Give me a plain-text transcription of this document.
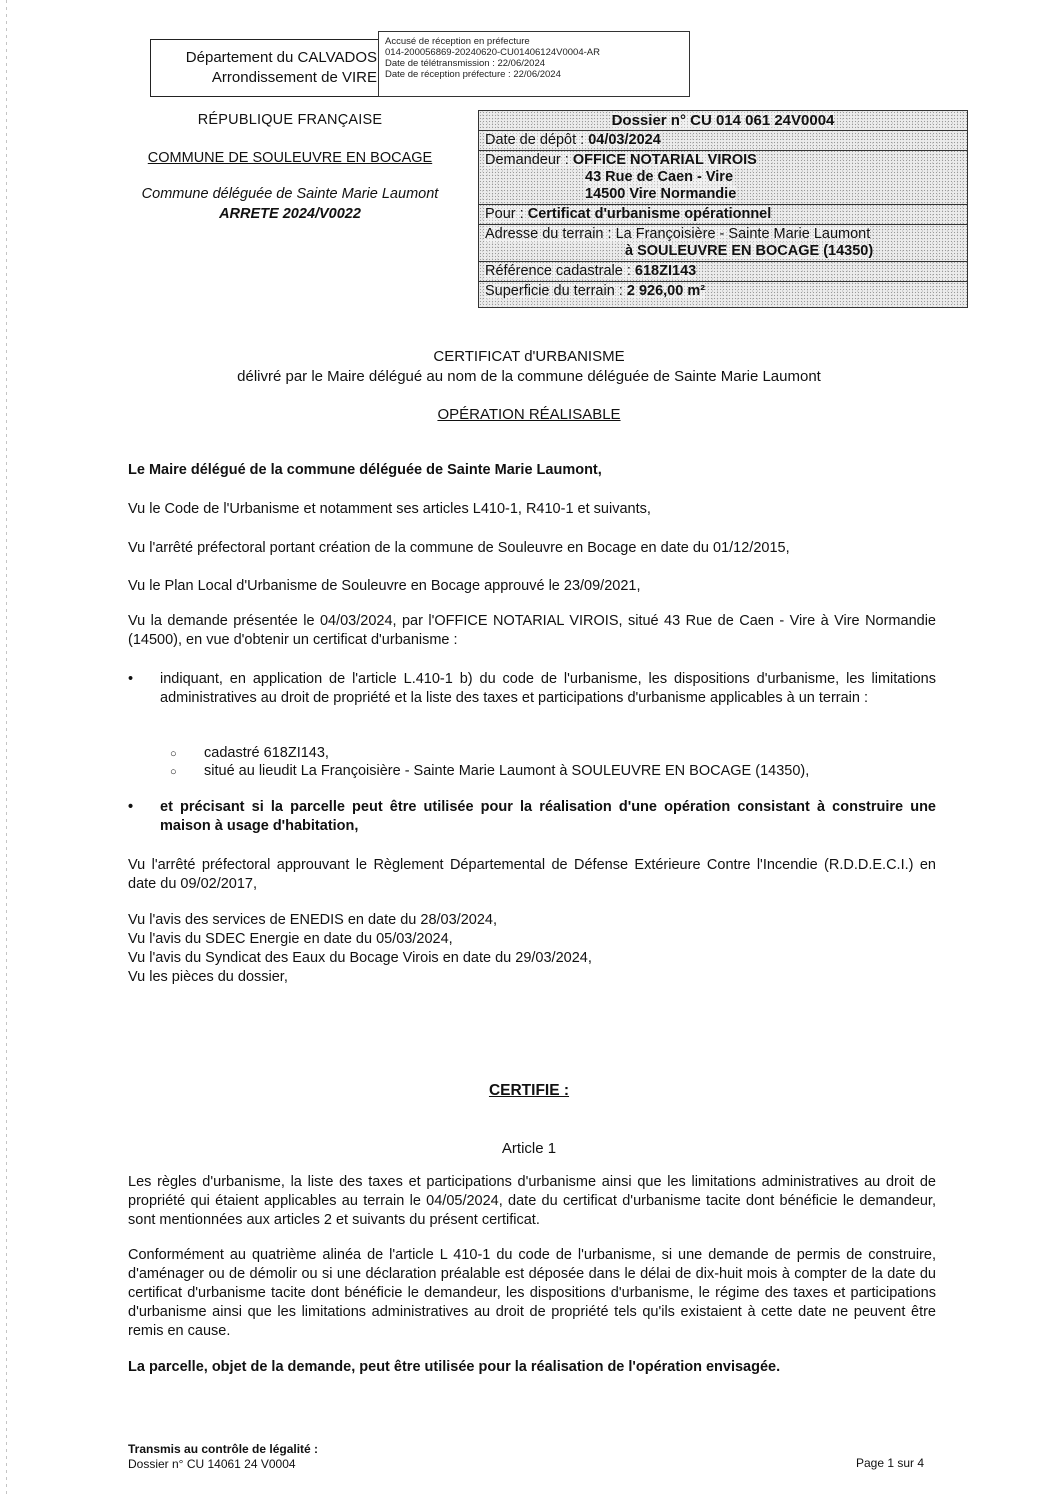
Département du CALVADOS
Arrondissement de VIRE
Accusé de réception en préfecture
014-200056869-20240620-CU01406124V0004-AR
Date de télétransmission : 22/06/2024
Date de réception préfecture : 22/06/2024
RÉPUBLIQUE FRANÇAISE
COMMUNE DE SOULEUVRE EN BOCAGE
Commune déléguée de Sainte Marie Laumont
ARRETE 2024/V0022
Dossier n° CU 014 061 24V0004
Date de dépôt : 04/03/2024
Demandeur : OFFICE NOTARIAL VIROIS
43 Rue de Caen - Vire
14500 Vire Normandie
Pour : Certificat d'urbanisme opérationnel
Adresse du terrain : La Françoisière - Sainte Marie Laumont
à SOULEUVRE EN BOCAGE (14350)
Référence cadastrale : 618ZI143
Superficie du terrain : 2 926,00 m²
CERTIFICAT d'URBANISME
délivré par le Maire délégué au nom de la commune déléguée de Sainte Marie Laumont
OPÉRATION RÉALISABLE
Le Maire délégué de la commune déléguée de Sainte Marie Laumont,
Vu le Code de l'Urbanisme et notamment ses articles L410-1, R410-1 et suivants,
Vu l'arrêté préfectoral portant création de la commune de Souleuvre en Bocage en date du 01/12/2015,
Vu le Plan Local d'Urbanisme de Souleuvre en Bocage approuvé le 23/09/2021,
Vu la demande présentée le 04/03/2024, par l'OFFICE NOTARIAL VIROIS, situé 43 Rue de Caen - Vire à Vire Normandie (14500), en vue d'obtenir un certificat d'urbanisme :
• indiquant, en application de l'article L.410-1 b) du code de l'urbanisme, les dispositions d'urbanisme, les limitations administratives au droit de propriété et la liste des taxes et participations d'urbanisme applicables à un terrain :
○ cadastré 618ZI143,
○ situé au lieudit La Françoisière - Sainte Marie Laumont à SOULEUVRE EN BOCAGE (14350),
• et précisant si la parcelle peut être utilisée pour la réalisation d'une opération consistant à construire une maison à usage d'habitation,
Vu l'arrêté préfectoral approuvant le Règlement Départemental de Défense Extérieure Contre l'Incendie (R.D.D.E.C.I.) en date du 09/02/2017,
Vu l'avis des services de ENEDIS en date du 28/03/2024,
Vu l'avis du SDEC Energie en date du 05/03/2024,
Vu l'avis du Syndicat des Eaux du Bocage Virois en date du 29/03/2024,
Vu les pièces du dossier,
CERTIFIE :
Article 1
Les règles d'urbanisme, la liste des taxes et participations d'urbanisme ainsi que les limitations administratives au droit de propriété qui étaient applicables au terrain le 04/05/2024, date du certificat d'urbanisme tacite dont bénéficie le demandeur, sont mentionnées aux articles 2 et suivants du présent certificat.
Conformément au quatrième alinéa de l'article L 410-1 du code de l'urbanisme, si une demande de permis de construire, d'aménager ou de démolir ou si une déclaration préalable est déposée dans le délai de dix-huit mois à compter de la date du certificat d'urbanisme tacite dont bénéficie le demandeur, les dispositions d'urbanisme, le régime des taxes et participations d'urbanisme ainsi que les limitations administratives au droit de propriété tels qu'ils existaient à cette date ne peuvent être remis en cause.
La parcelle, objet de la demande, peut être utilisée pour la réalisation de l'opération envisagée.
Transmis au contrôle de légalité :
Dossier n° CU 14061 24 V0004	Page 1 sur 4
